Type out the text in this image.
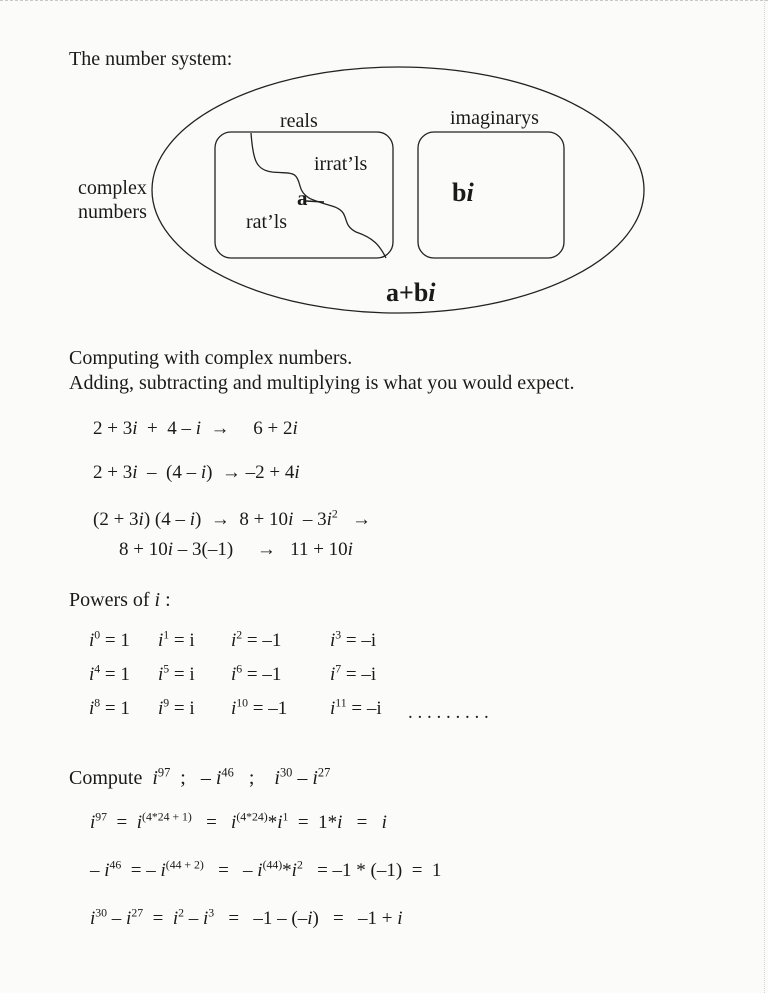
The number system:
complex
numbers
reals	imaginarys
irrat’ls
rat’ls
a	bi
a+bi
Computing with complex numbers.
Adding, subtracting and multiplying is what you would expect.
2 + 3i  +  4 – i  →     6 + 2i
2 + 3i  –  (4 – i)  → –2 + 4i
(2 + 3i) $(4 - i) \to 8 + 10i - 3i^2$   →
8 + 10i – 3(–1)     →   11 + 10i
Powers of i :
$i^0 = 1$ $i^1 = i$ $i^2 = -1$	$i^3 = -i$
$i^4 = 1$ $i^5 = i$ $i^6 = -1$	$i^7 = -i$
$i^8 = 1$ $i^9 = i$ $i^{10} = -1$ $i^{11} = -i$ . . . . . . . . .
Compute $i^{97}$  ;   – $i^{46}$   ;    $i^{30} - i^{27}$
$i^{97} = i^{(4*24 + 1)} = i^{(4*24)}*i^1 = 1*i = i$
– $i^{46}$  = – $i^{(44 + 2)}$   =   – $i^{(44)}*i^2 = -1 * (-1) = 1$
$i^{30} - i^{27} = i^2 - i^3 = -1 - (-i) = -1 + i$
